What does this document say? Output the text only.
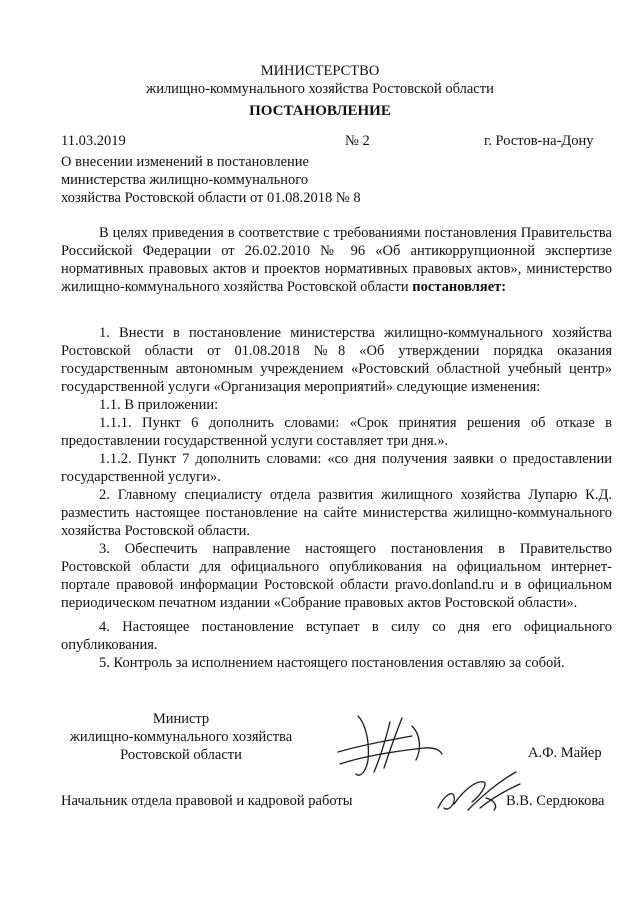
МИНИСТЕРСТВО
жилищно-коммунального хозяйства Ростовской области
ПОСТАНОВЛЕНИЕ
11.03.2019	№ 2	г. Ростов-на-Дону
О внесении изменений в постановление
министерства жилищно-коммунального
хозяйства Ростовской области от 01.08.2018 № 8

В целях приведения в соответствие с требованиями постановления Правительства Российской Федерации от 26.02.2010 № 96 «Об антикоррупционной экспертизе нормативных правовых актов и проектов нормативных правовых актов», министерство жилищно-коммунального хозяйства Ростовской области постановляет:

1. Внести в постановление министерства жилищно-коммунального хозяйства Ростовской области от 01.08.2018 №8 «Об утверждении порядка оказания государственным автономным учреждением «Ростовский областной учебный центр» государственной услуги «Организация мероприятий» следующие изменения:

1.1. В приложении:

1.1.1. Пункт 6 дополнить словами: «Срок принятия решения об отказе в предоставлении государственной услуги составляет три дня.».

1.1.2. Пункт 7 дополнить словами: «со дня получения заявки о предоставлении государственной услуги».

2. Главному специалисту отдела развития жилищного хозяйства Лупарю К.Д. разместить настоящее постановление на сайте министерства жилищно-коммунального хозяйства Ростовской области.

3. Обеспечить направление настоящего постановления в Правительство Ростовской области для официального опубликования на официальном интернет-портале правовой информации Ростовской области pravo.donland.ru и в официальном периодическом печатном издании «Собрание правовых актов Ростовской области».

4. Настоящее постановление вступает в силу со дня его официального опубликования.

5. Контроль за исполнением настоящего постановления оставляю за собой.

Министр
жилищно-коммунального хозяйства
Ростовской области	А.Ф. Майер
Начальник отдела правовой и кадровой работы	В.В. Сердюкова
